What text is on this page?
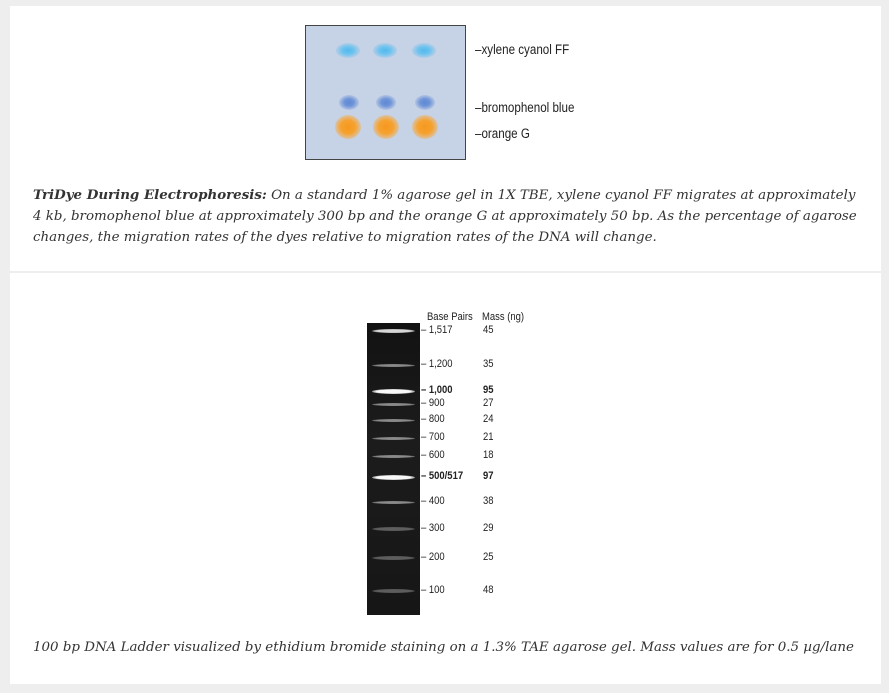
–xylene cyanol FF
–bromophenol blue
–orange G

TriDye During Electrophoresis: On a standard 1% agarose gel in 1X TBE, xylene cyanol FF migrates at approximately 4 kb, bromophenol blue at approximately 300 bp and the orange G at approximately 50 bp. As the percentage of agarose changes, the migration rates of the dyes relative to migration rates of the DNA will change.

Base Pairs Mass (ng)
– 1,517	45
– 1,200	35
– 1,000	95
– 900	27
– 800	24
– 700	21
– 600	18
– 500/517 97
– 400	38
– 300	29
– 200	25
– 100	48

100 bp DNA Ladder visualized by ethidium bromide staining on a 1.3% TAE agarose gel. Mass values are for 0.5 µg/lane
